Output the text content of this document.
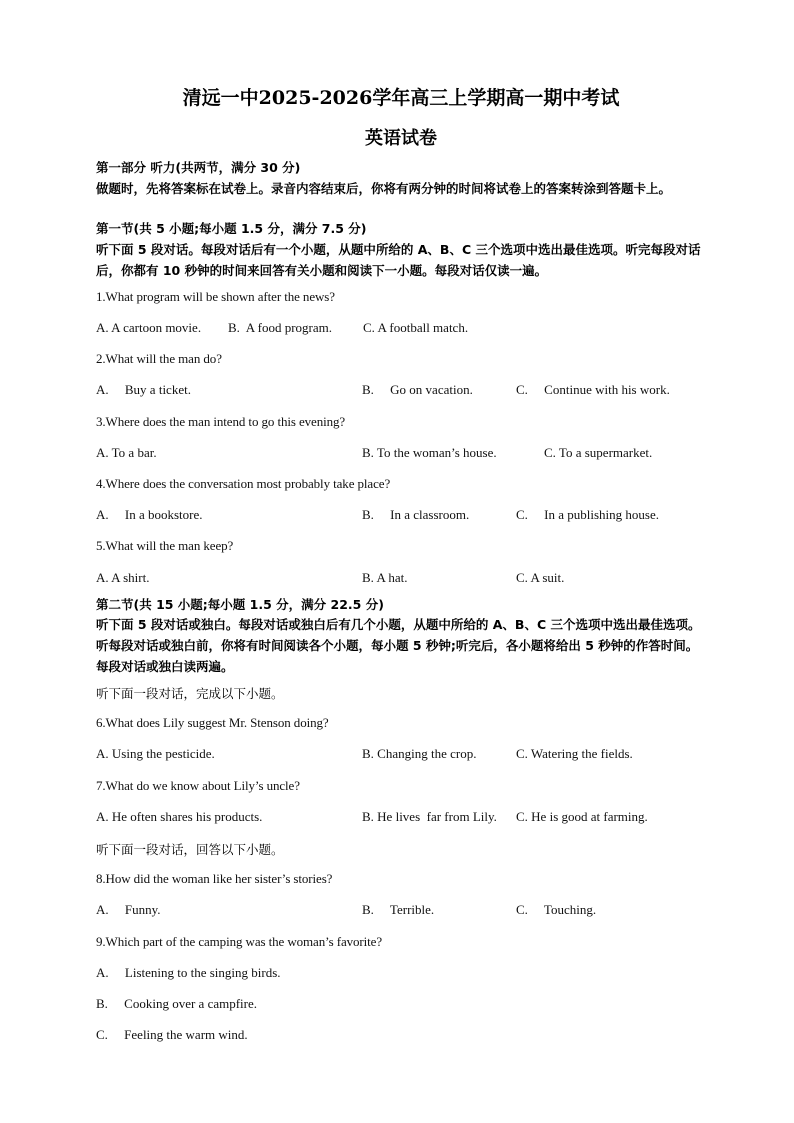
清远一中2025-2026学年高三上学期高一期中考试
英语试卷
第一部分 听力(共两节，满分 30 分)
做题时，先将答案标在试卷上。录音内容结束后，你将有两分钟的时间将试卷上的答案转涂到答题卡上。
第一节(共 5 小题;每小题 1.5 分，满分 7.5 分)
听下面 5 段对话。每段对话后有一个小题，从题中所给的 A、B、C 三个选项中选出最佳选项。听完每段对话后，你都有 10 秒钟的时间来回答有关小题和阅读下一小题。每段对话仅读一遍。
1.What program will be shown after the news?
A. A cartoon movie. B.  A food program. C. A football match.
2.What will the man do?
A.     Buy a ticket.	B.     Go on vacation.	C.     Continue with his work.
3.Where does the man intend to go this evening?
A. To a bar.	B. To the woman’s house.	C. To a supermarket.
4.Where does the conversation most probably take place?
A.     In a bookstore.	B.     In a classroom.	C.     In a publishing house.
5.What will the man keep?
A. A shirt.	B. A hat.	C. A suit.
第二节(共 15 小题;每小题 1.5 分，满分 22.5 分)
听下面 5 段对话或独白。每段对话或独白后有几个小题，从题中所给的 A、B、C 三个选项中选出最佳选项。听每段对话或独白前，你将有时间阅读各个小题，每小题 5 秒钟;听完后，各小题将给出 5 秒钟的作答时间。每段对话或独白读两遍。
听下面一段对话，完成以下小题。
6.What does Lily suggest Mr. Stenson doing?
A. Using the pesticide.	B. Changing the crop.	C. Watering the fields.
7.What do we know about Lily’s uncle?
A. He often shares his products.	B. He lives  far from Lily. C. He is good at farming.
听下面一段对话，回答以下小题。
8.How did the woman like her sister’s stories?
A.     Funny.	B.     Terrible.	C.     Touching.
9.Which part of the camping was the woman’s favorite?
A.     Listening to the singing birds.
B.     Cooking over a campfire.
C.     Feeling the warm wind.
